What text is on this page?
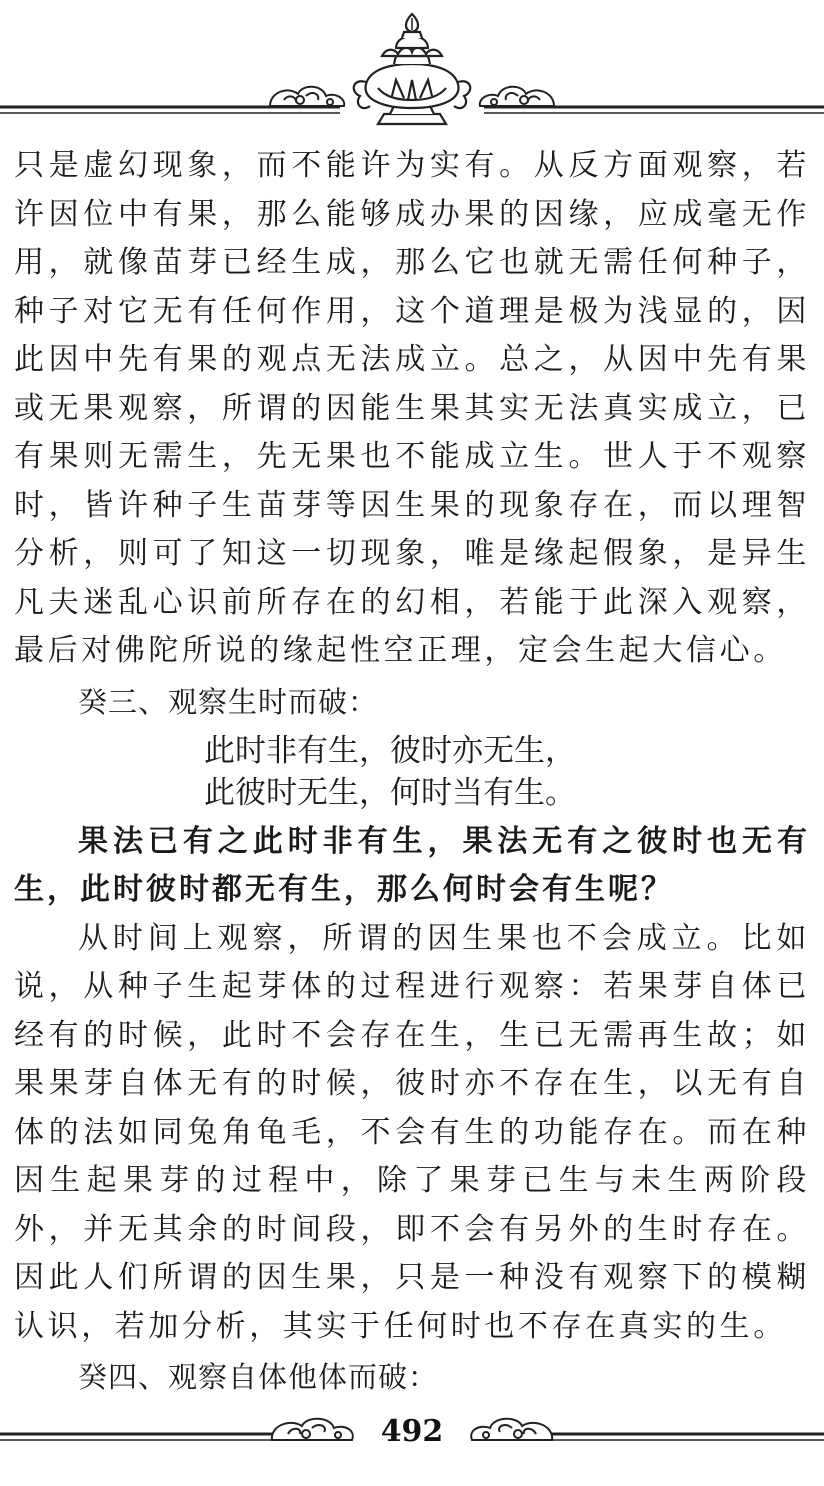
只是虚幻现象，而不能许为实有。从反方面观察，若许因位中有果，那么能够成办果的因缘，应成毫无作用，就像苗芽已经生成，那么它也就无需任何种子，种子对它无有任何作用，这个道理是极为浅显的，因此因中先有果的观点无法成立。总之，从因中先有果或无果观察，所谓的因能生果其实无法真实成立，已有果则无需生，先无果也不能成立生。世人于不观察时，皆许种子生苗芽等因生果的现象存在，而以理智分析，则可了知这一切现象，唯是缘起假象，是异生凡夫迷乱心识前所存在的幻相，若能于此深入观察，最后对佛陀所说的缘起性空正理，定会生起大信心。

癸三、观察生时而破：

此时非有生，彼时亦无生，

此彼时无生，何时当有生。

果法已有之此时非有生，果法无有之彼时也无有生，此时彼时都无有生，那么何时会有生呢？

从时间上观察，所谓的因生果也不会成立。比如说，从种子生起芽体的过程进行观察：若果芽自体已经有的时候，此时不会存在生，生已无需再生故；如果果芽自体无有的时候，彼时亦不存在生，以无有自体的法如同兔角龟毛，不会有生的功能存在。而在种因生起果芽的过程中，除了果芽已生与未生两阶段外，并无其余的时间段，即不会有另外的生时存在。因此人们所谓的因生果，只是一种没有观察下的模糊认识，若加分析，其实于任何时也不存在真实的生。

癸四、观察自体他体而破：

492
